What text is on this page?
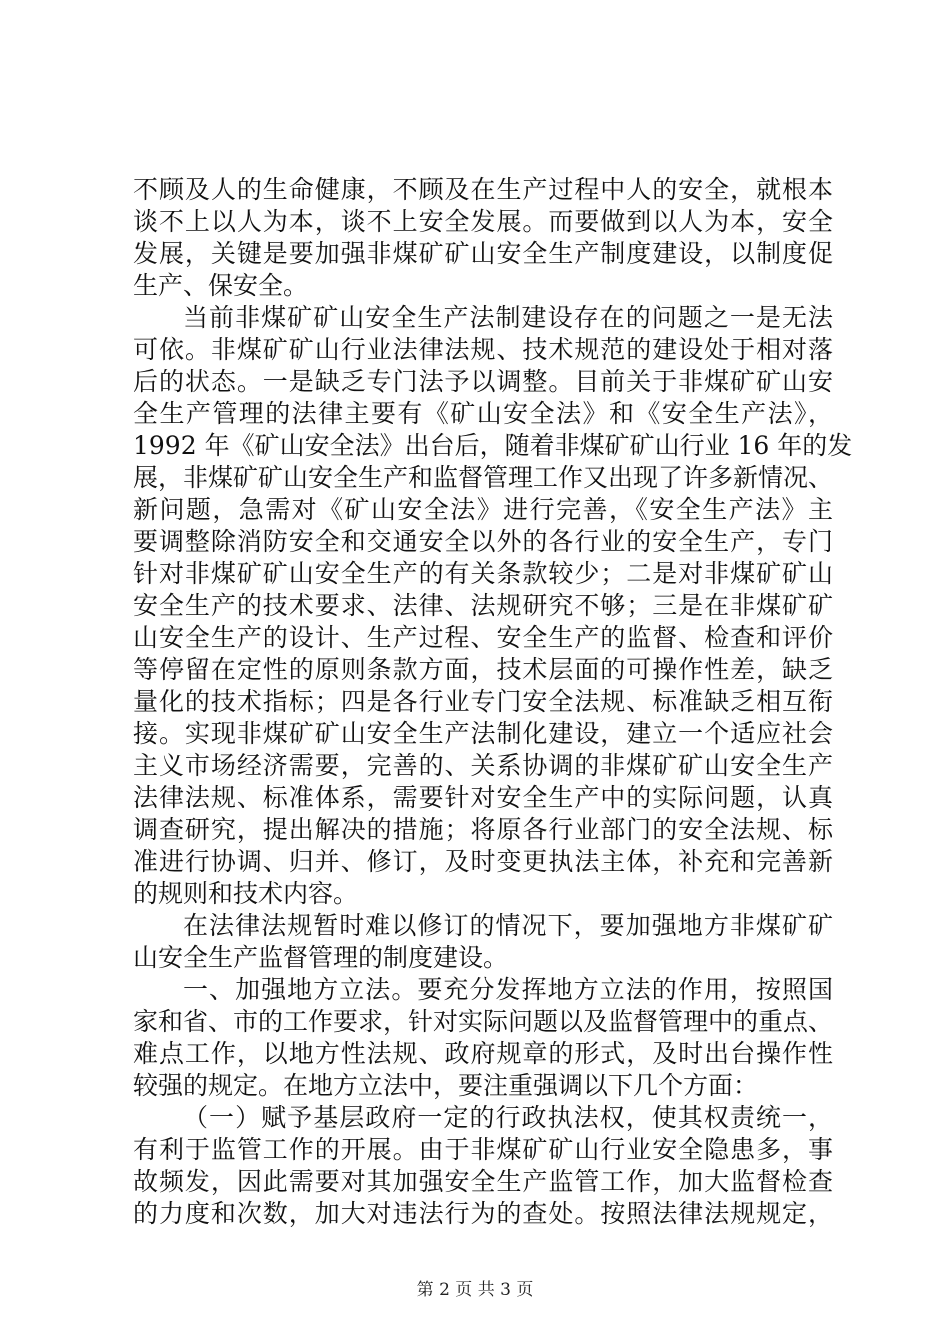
不顾及人的生命健康，不顾及在生产过程中人的安全，就根本
谈不上以人为本，谈不上安全发展。而要做到以人为本，安全
发展，关键是要加强非煤矿矿山安全生产制度建设，以制度促
生产、保安全。
当前非煤矿矿山安全生产法制建设存在的问题之一是无法
可依。非煤矿矿山行业法律法规、技术规范的建设处于相对落
后的状态。一是缺乏专门法予以调整。目前关于非煤矿矿山安
全生产管理的法律主要有《矿山安全法》和《安全生产法》，
1992 年《矿山安全法》出台后，随着非煤矿矿山行业 16 年的发
展，非煤矿矿山安全生产和监督管理工作又出现了许多新情况、
新问题，急需对《矿山安全法》进行完善，《安全生产法》主
要调整除消防安全和交通安全以外的各行业的安全生产，专门
针对非煤矿矿山安全生产的有关条款较少；二是对非煤矿矿山
安全生产的技术要求、法律、法规研究不够；三是在非煤矿矿
山安全生产的设计、生产过程、安全生产的监督、检查和评价
等停留在定性的原则条款方面，技术层面的可操作性差，缺乏
量化的技术指标；四是各行业专门安全法规、标准缺乏相互衔
接。实现非煤矿矿山安全生产法制化建设，建立一个适应社会
主义市场经济需要，完善的、关系协调的非煤矿矿山安全生产
法律法规、标准体系，需要针对安全生产中的实际问题，认真
调查研究，提出解决的措施；将原各行业部门的安全法规、标
准进行协调、归并、修订，及时变更执法主体，补充和完善新
的规则和技术内容。
在法律法规暂时难以修订的情况下，要加强地方非煤矿矿
山安全生产监督管理的制度建设。
一、加强地方立法。要充分发挥地方立法的作用，按照国
家和省、市的工作要求，针对实际问题以及监督管理中的重点、
难点工作，以地方性法规、政府规章的形式，及时出台操作性
较强的规定。在地方立法中，要注重强调以下几个方面：
（一）赋予基层政府一定的行政执法权，使其权责统一，
有利于监管工作的开展。由于非煤矿矿山行业安全隐患多，事
故频发，因此需要对其加强安全生产监管工作，加大监督检查
的力度和次数，加大对违法行为的查处。按照法律法规规定，
第 2 页 共 3 页
